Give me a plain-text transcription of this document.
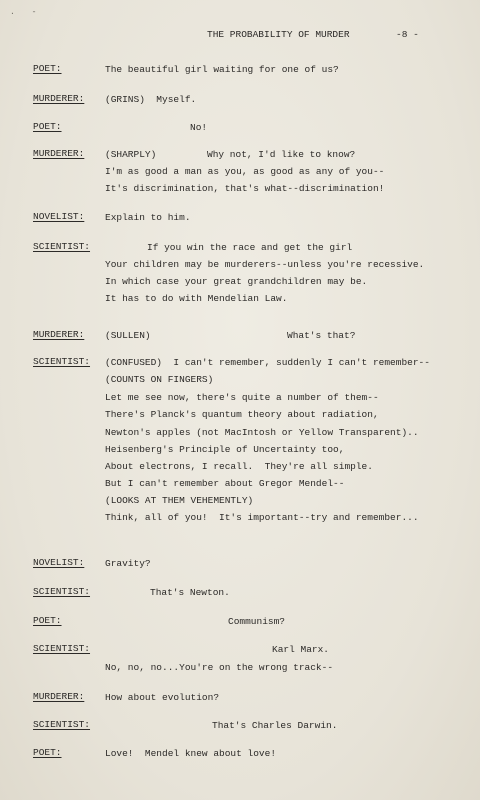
. -
THE PROBABILITY OF MURDER	-8 -
POET:	The beautiful girl waiting for one of us?
MURDERER: (GRINS)  Myself.
POET:	No!
MURDERER: (SHARPLY)	Why not, I'd like to know?
I'm as good a man as you, as good as any of you--
It's discrimination, that's what--discrimination!
NOVELIST: Explain to him.
SCIENTIST:	If you win the race and get the girl
Your children may be murderers--unless you're recessive.
In which case your great grandchildren may be.
It has to do with Mendelian Law.
MURDERER: (SULLEN)	What's that?
SCIENTIST: (CONFUSED)  I can't remember, suddenly I can't remember--
(COUNTS ON FINGERS)
Let me see now, there's quite a number of them--
There's Planck's quantum theory about radiation,
Newton's apples (not MacIntosh or Yellow Transparent)..
Heisenberg's Principle of Uncertainty too,
About electrons, I recall.  They're all simple.
But I can't remember about Gregor Mendel--
(LOOKS AT THEM VEHEMENTLY)
Think, all of you!  It's important--try and remember...
NOVELIST: Gravity?
SCIENTIST:	That's Newton.
POET:	Communism?
SCIENTIST:	Karl Marx.
No, no, no...You're on the wrong track--
MURDERER: How about evolution?
SCIENTIST:	That's Charles Darwin.
POET:	Love!  Mendel knew about love!
